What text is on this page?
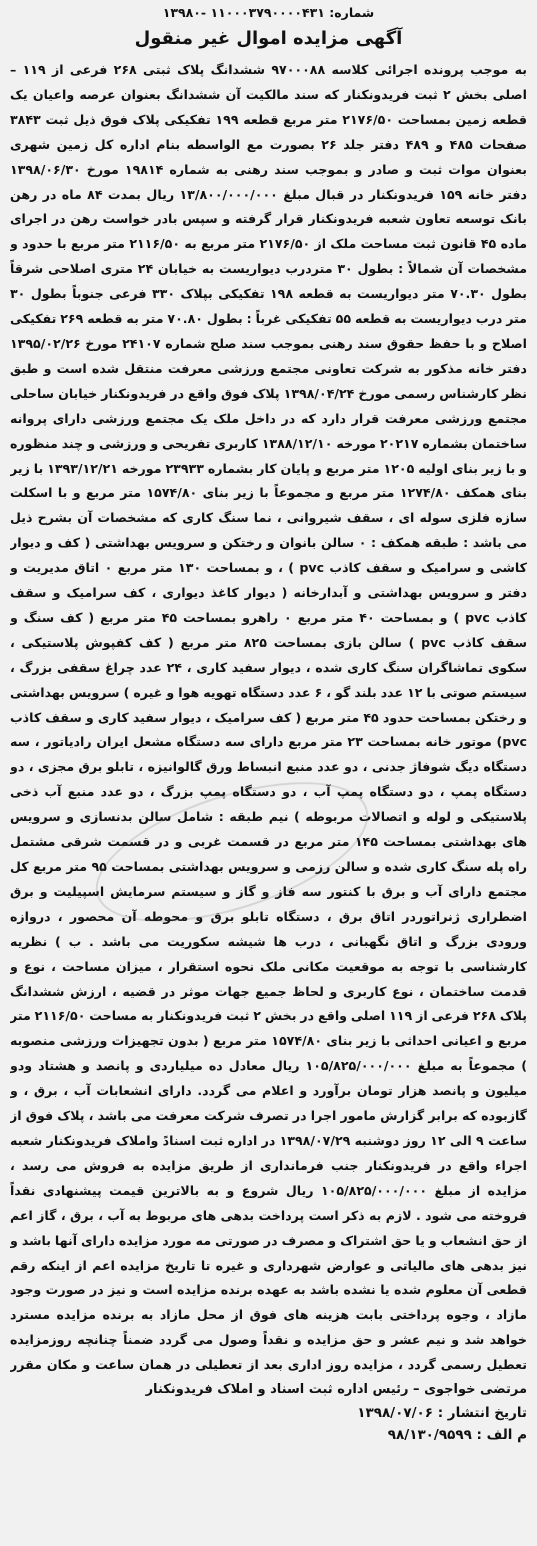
شماره: ۱۱۰۰۰۳۷۹۰۰۰۰۴۳۱ -۱۳۹۸۰
آگهی مزایده اموال غیر منقول
به موجب پرونده اجرائی کلاسه ۹۷۰۰۰۸۸ ششدانگ پلاک ثبتی ۲۶۸ فرعی از ۱۱۹ –اصلی بخش ۲ ثبت فریدونکنار که سند مالکیت آن ششدانگ بعنوان عرصه واعیان یک قطعه زمین بمساحت ۲۱۷۶/۵۰ متر مربع قطعه ۱۹۹ تفکیکی پلاک فوق ذیل ثبت ۳۸۴۳ صفحات ۴۸۵ و ۴۸۹ دفتر جلد ۲۶ بصورت مع الواسطه بنام اداره کل زمین شهری بعنوان موات ثبت و صادر و بموجب سند رهنی به شماره ۱۹۸۱۴ مورخ ۱۳۹۸/۰۶/۳۰ دفتر خانه ۱۵۹ فریدونکنار در قبال مبلغ ۱۳/۸۰۰/۰۰۰/۰۰۰ ریال بمدت ۸۴ ماه در رهن بانک توسعه تعاون شعبه فریدونکنار قرار گرفته و سپس بادر خواست رهن در اجرای ماده ۴۵ قانون ثبت مساحت ملک از ۲۱۷۶/۵۰ متر مربع به ۲۱۱۶/۵۰ متر مربع با حدود و مشخصات آن شمالاً : بطول ۳۰ متردرب دیواریست به خیابان ۲۴ متری اصلاحی شرقاً بطول ۷۰.۳۰ متر دیواریست به قطعه ۱۹۸ تفکیکی بپلاک ۳۳۰ فرعی جنوباً بطول ۳۰ متر درب دیواریست به قطعه ۵۵ تفکیکی غرباً : بطول ۷۰.۸۰ متر به قطعه ۲۶۹ تفکیکی اصلاح و با حفظ حقوق سند رهنی بموجب سند صلح شماره ۲۴۱۰۷ مورخ ۱۳۹۵/۰۲/۲۶ دفتر خانه مذکور به شرکت تعاونی مجتمع ورزشی معرفت منتقل شده است و طبق نظر کارشناس رسمی مورخ ۱۳۹۸/۰۴/۲۴ پلاک فوق واقع در فریدونکنار خیابان ساحلی مجتمع ورزشی معرفت قرار دارد که در داخل ملک یک مجتمع ورزشی دارای پروانه ساختمان بشماره ۲۰۲۱۷ مورخه ۱۳۸۸/۱۲/۱۰ کاربری تفریحی و ورزشی و چند منظوره و با زیر بنای اولیه ۱۲۰۵ متر مربع و پایان کار بشماره ۲۳۹۳۳ مورخه ۱۳۹۳/۱۲/۲۱ با زیر بنای همکف ۱۲۷۴/۸۰ متر مربع و مجموعاً با زیر بنای ۱۵۷۴/۸۰ متر مربع و با اسکلت سازه فلزی سوله ای ، سقف شیروانی ، نما سنگ کاری که مشخصات آن بشرح ذیل می باشد : طبقه همکف : ۰ سالن بانوان و رختکن و سرویس بهداشتی ( کف و دیوار کاشی و سرامیک و سقف کاذب pvc ) ، و بمساحت ۱۳۰ متر مربع ۰ اتاق مدیریت و دفتر و سرویس بهداشتی و آبدارخانه ( دیوار کاغذ دیواری ، کف سرامیک و سقف کاذب pvc ) و بمساحت ۴۰ متر مربع ۰ راهرو بمساحت ۴۵ متر مربع ( کف سنگ و سقف کاذب pvc ) سالن بازی بمساحت ۸۲۵ متر مربع ( کف کفپوش پلاستیکی ، سکوی تماشاگران سنگ کاری شده ، دیوار سفید کاری ، ۲۴ عدد چراغ سقفی بزرگ ، سیستم صوتی با ۱۲ عدد بلند گو ، ۶ عدد دستگاه تهویه هوا و غیره ) سرویس بهداشتی و رختکن بمساحت حدود ۴۵ متر مربع ( کف سرامیک ، دیوار سفید کاری و سقف کاذب pvc) موتور خانه بمساحت ۲۳ متر مربع دارای سه دستگاه مشعل ایران رادیاتور ، سه دستگاه دیگ شوفاژ جدنی ، دو عدد منبع انبساط ورق گالوانیزه ، تابلو برق مجزی ، دو دستگاه پمپ ، دو دستگاه پمپ آب ، دو دستگاه پمپ بزرگ ، دو عدد منبع آب ذخی پلاستیکی و لوله و اتصالات مربوطه ) نیم طبقه : شامل سالن بدنسازی و سرویس های بهداشتی بمساحت ۱۴۵ متر مربع در قسمت غربی و در قسمت شرقی مشتمل راه پله سنگ کاری شده و سالن رزمی و سرویس بهداشتی بمساحت ۹۵ متر مربع کل مجتمع دارای آب و برق با کنتور سه فاز و گاز و سیستم سرمایش اسپیلیت و برق اضطراری ژنراتوردر اتاق برق ، دستگاه تابلو برق و محوطه آن محصور ، دروازه ورودی بزرگ و اتاق نگهبانی ، درب ها شیشه سکوریت می باشد . ب ) نظریه کارشناسی با توجه به موقعیت مکانی ملک نحوه استقرار ، میزان مساحت ، نوع و قدمت ساختمان ، نوع کاربری و لحاظ جمیع جهات موثر در قضیه ، ارزش ششدانگ پلاک ۲۶۸ فرعی از ۱۱۹ اصلی واقع در بخش ۲ ثبت فریدونکنار به مساحت ۲۱۱۶/۵۰ متر مربع و اعیانی احداثی با زیر بنای ۱۵۷۴/۸۰ متر مربع ( بدون تجهیزات ورزشی منصوبه ) مجموعاً به مبلغ ۱۰۵/۸۲۵/۰۰۰/۰۰۰ ریال معادل ده میلیاردی و پانصد و هشتاد ودو میلیون و پانصد هزار تومان برآورد و اعلام می گردد. دارای انشعابات آب ، برق ، و گازبوده که برابر گزارش مامور اجرا در تصرف شرکت معرفت می باشد ، پلاک فوق از ساعت ۹ الی ۱۲ روز دوشنبه ۱۳۹۸/۰۷/۲۹ در اداره ثبت اسنادً واملاک فریدونکنار شعبه اجراء واقع در فریدونکنار جنب فرمانداری از طریق مزایده به فروش می رسد ، مزایده از مبلغ ۱۰۵/۸۲۵/۰۰۰/۰۰۰ ریال شروع و به بالاترین قیمت پیشنهادی نقداً فروخته می شود . لازم به ذکر است پرداخت بدهی های مربوط به آب ، برق ، گاز اعم از حق انشعاب و یا حق اشتراک و مصرف در صورتی مه مورد مزایده دارای آنها باشد و نیز بدهی های مالیاتی و عوارض شهرداری و غیره تا تاریخ مزایده اعم از اینکه رقم قطعی آن معلوم شده یا نشده باشد به عهده برنده مزایده است و نیز در صورت وجود مازاد ، وجوه پرداختی بابت هزینه های فوق از محل مازاد به برنده مزایده مسترد خواهد شد و نیم عشر و حق مزایده و نقداً وصول می گردد ضمناً چنانچه روزمزایده تعطیل رسمی گردد ، مزایده روز اداری بعد از تعطیلی در همان ساعت و مکان مقرر
مرتضی خواجوی – رئیس اداره ثبت اسناد و املاک فریدونکنار
تاریخ انتشار : ۱۳۹۸/۰۷/۰۶
م الف : ۹۸/۱۳۰/۹۵۹۹
